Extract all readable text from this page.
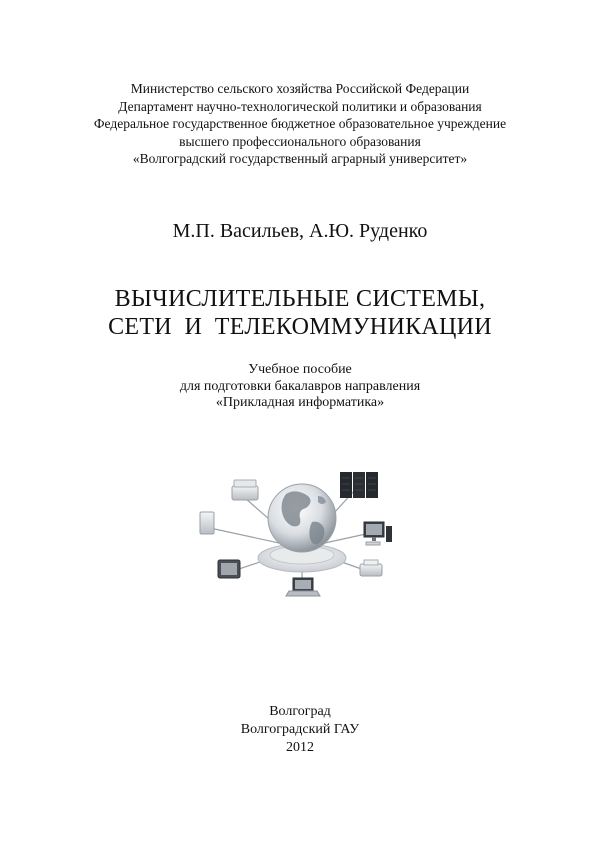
Министерство сельского хозяйства Российской Федерации
Департамент научно-технологической политики и образования
Федеральное государственное бюджетное образовательное учреждение
высшего профессионального образования
«Волгоградский государственный аграрный университет»
М.П. Васильев, А.Ю. Руденко
ВЫЧИСЛИТЕЛЬНЫЕ СИСТЕМЫ,
СЕТИ  И  ТЕЛЕКОММУНИКАЦИИ
Учебное пособие
для подготовки бакалавров направления
«Прикладная информатика»
Волгоград
Волгоградский ГАУ
2012
